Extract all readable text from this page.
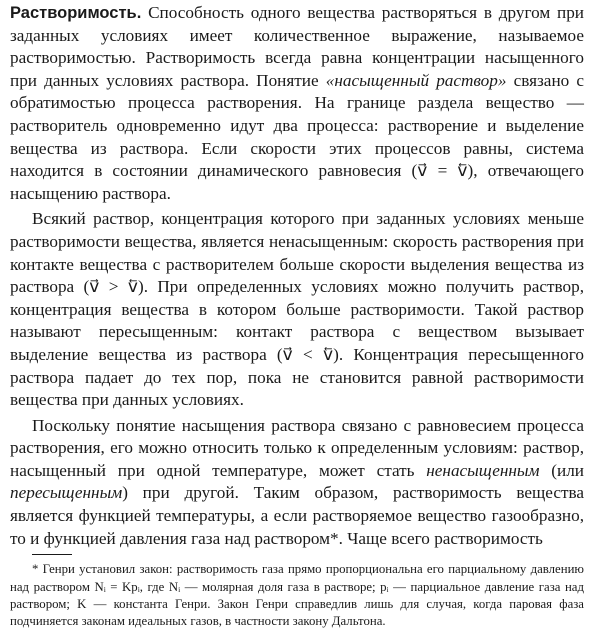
Растворимость. Способность одного вещества растворяться в другом при заданных условиях имеет количественное выражение, называемое растворимостью. Растворимость всегда равна концентрации насыщенного при данных условиях раствора. Понятие «насыщенный раствор» связано с обратимостью процесса растворения. На границе раздела вещество — растворитель одновременно идут два процесса: растворение и выделение вещества из раствора. Если скорости этих процессов равны, система находится в состоянии динамического равновесия (v⃗ = v⃖), отвечающего насыщению раствора.

Всякий раствор, концентрация которого при заданных условиях меньше растворимости вещества, является ненасыщенным: скорость растворения при контакте вещества с растворителем больше скорости выделения вещества из раствора (v⃗ > v⃖). При определенных условиях можно получить раствор, концентрация вещества в котором больше растворимости. Такой раствор называют пересыщенным: контакт раствора с веществом вызывает выделение вещества из раствора (v⃗ < v⃖). Концентрация пересыщенного раствора падает до тех пор, пока не становится равной растворимости вещества при данных условиях.

Поскольку понятие насыщения раствора связано с равновесием процесса растворения, его можно относить только к определенным условиям: раствор, насыщенный при одной температуре, может стать ненасыщенным (или пересыщенным) при другой. Таким образом, растворимость вещества является функцией температуры, а если растворяемое вещество газообразно, то и функцией давления газа над раствором*. Чаще всего растворимость

* Генри установил закон: растворимость газа прямо пропорциональна его парциальному давлению над раствором Nᵢ = Kpᵢ, где Nᵢ — молярная доля газа в растворе; pᵢ — парциальное давление газа над раствором; K — константа Генри. Закон Генри справедлив лишь для случая, когда паровая фаза подчиняется законам идеальных газов, в частности закону Дальтона.
